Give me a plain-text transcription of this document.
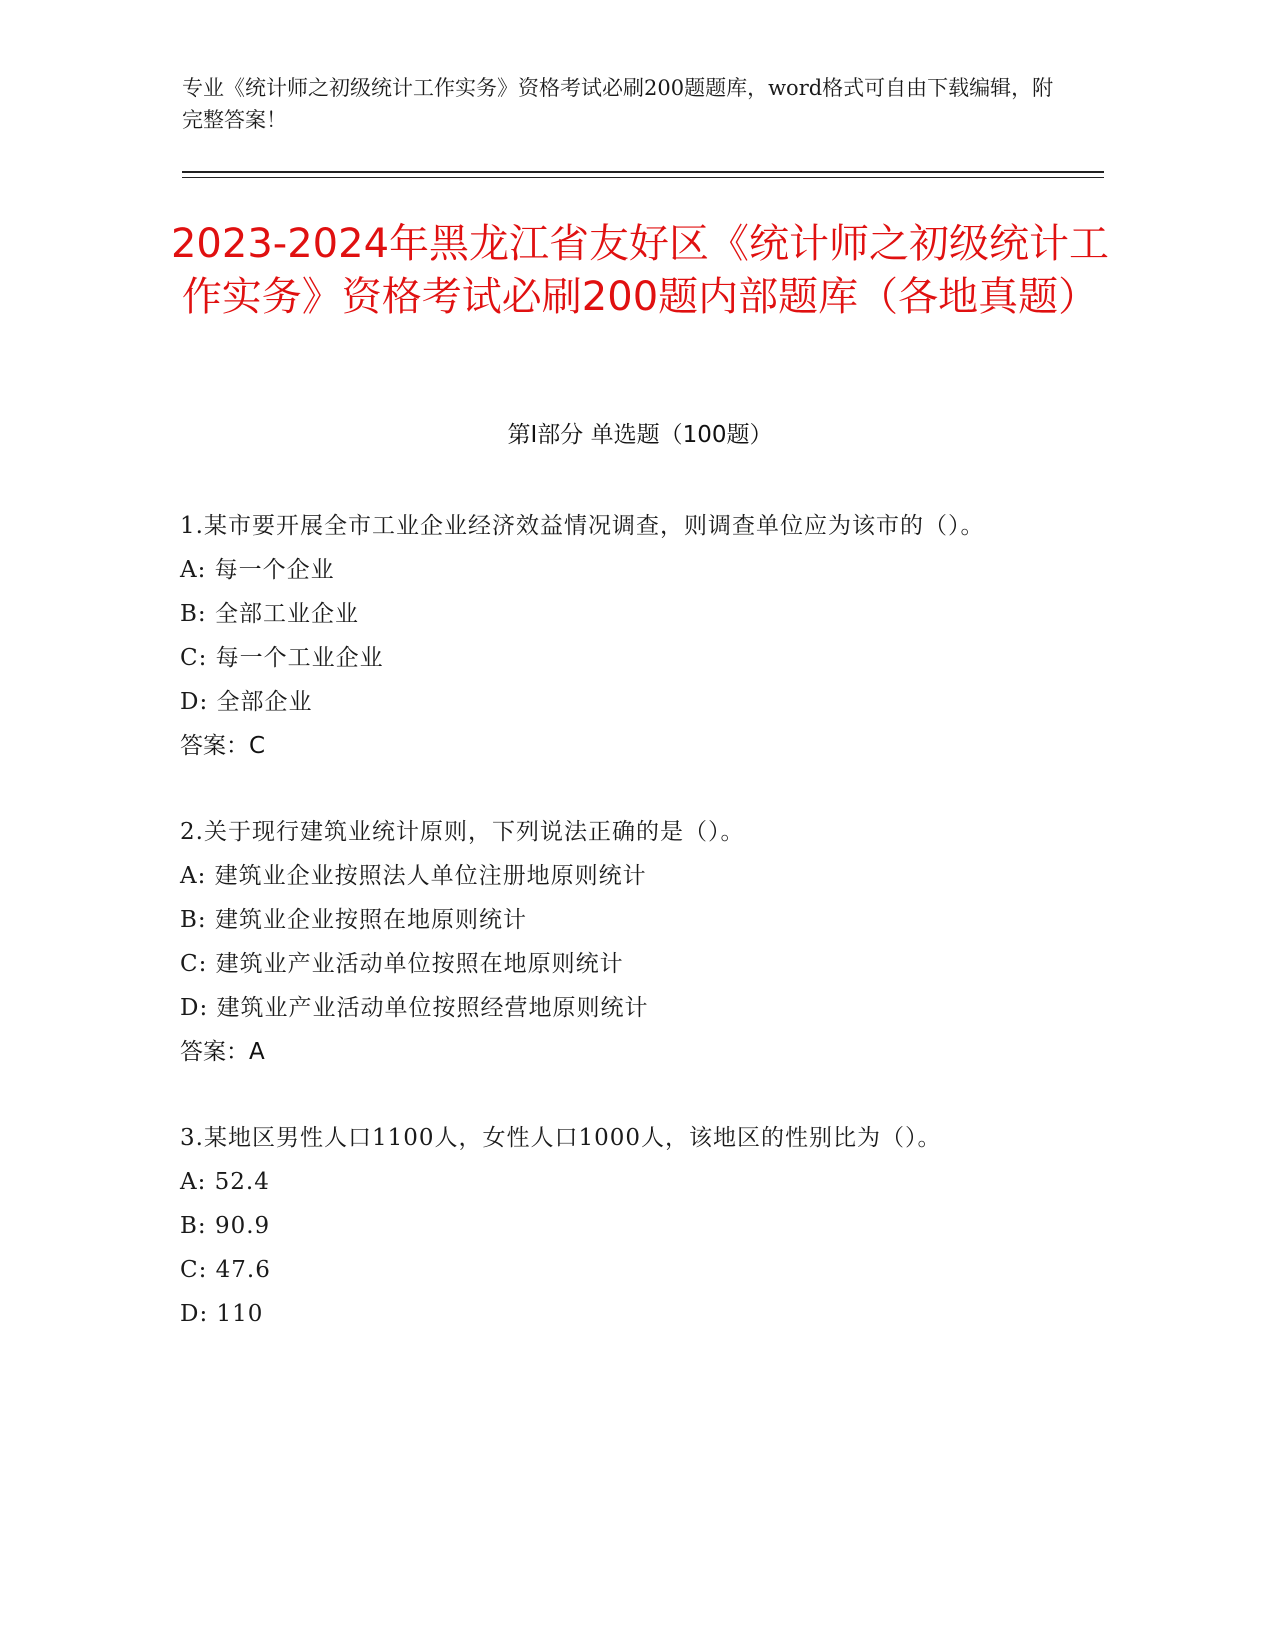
专业《统计师之初级统计工作实务》资格考试必刷200题题库，word格式可自由下载编辑，附完整答案！
2023-2024年黑龙江省友好区《统计师之初级统计工作实务》资格考试必刷200题内部题库（各地真题）
第Ⅰ部分 单选题（100题）

1.某市要开展全市工业企业经济效益情况调查，则调查单位应为该市的（）。

A: 每一个企业

B: 全部工业企业

C: 每一个工业企业

D: 全部企业

答案：C

2.关于现行建筑业统计原则，下列说法正确的是（）。

A: 建筑业企业按照法人单位注册地原则统计

B: 建筑业企业按照在地原则统计

C: 建筑业产业活动单位按照在地原则统计

D: 建筑业产业活动单位按照经营地原则统计

答案：A

3.某地区男性人口1100人，女性人口1000人，该地区的性别比为（）。

A: 52.4

B: 90.9

C: 47.6

D: 110
